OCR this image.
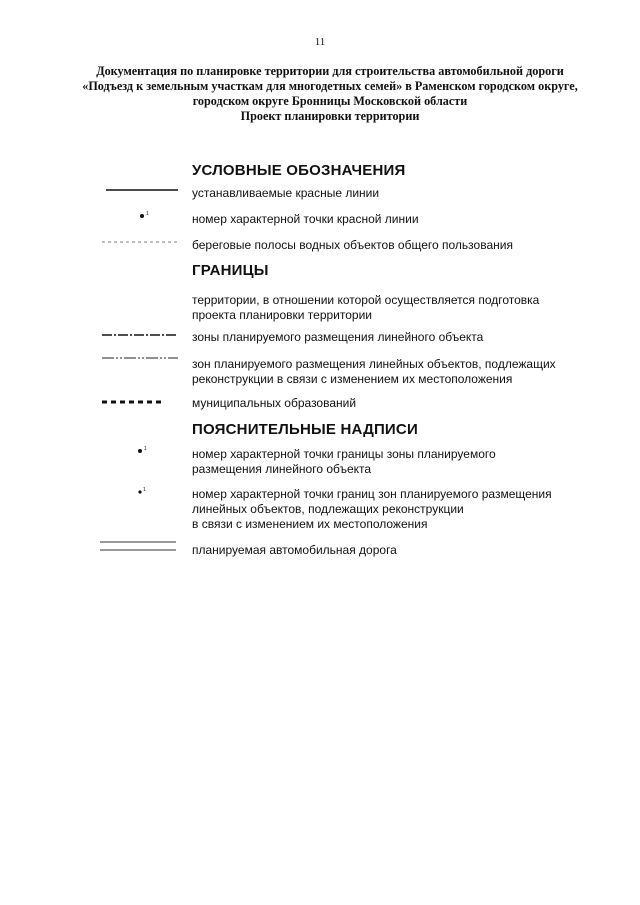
11
Документация по планировке территории для строительства автомобильной дороги
«Подъезд к земельным участкам для многодетных семей» в Раменском городском округе,
городском округе Бронницы Московской области
Проект планировки территории
УСЛОВНЫЕ ОБОЗНАЧЕНИЯ
устанавливаемые красные линии
1	номер характерной точки красной линии
береговые полосы водных объектов общего пользования
ГРАНИЦЫ
территории, в отношении которой осуществляется подготовка
проекта планировки территории
зоны планируемого размещения линейного объекта
зон планируемого размещения линейных объектов, подлежащих
реконструкции в связи с изменением их местоположения
муниципальных образований
ПОЯСНИТЕЛЬНЫЕ НАДПИСИ
1	номер характерной точки границы зоны планируемого
размещения линейного объекта
1	номер характерной точки границ зон планируемого размещения
линейных объектов, подлежащих реконструкции
в связи с изменением их местоположения
планируемая автомобильная дорога
